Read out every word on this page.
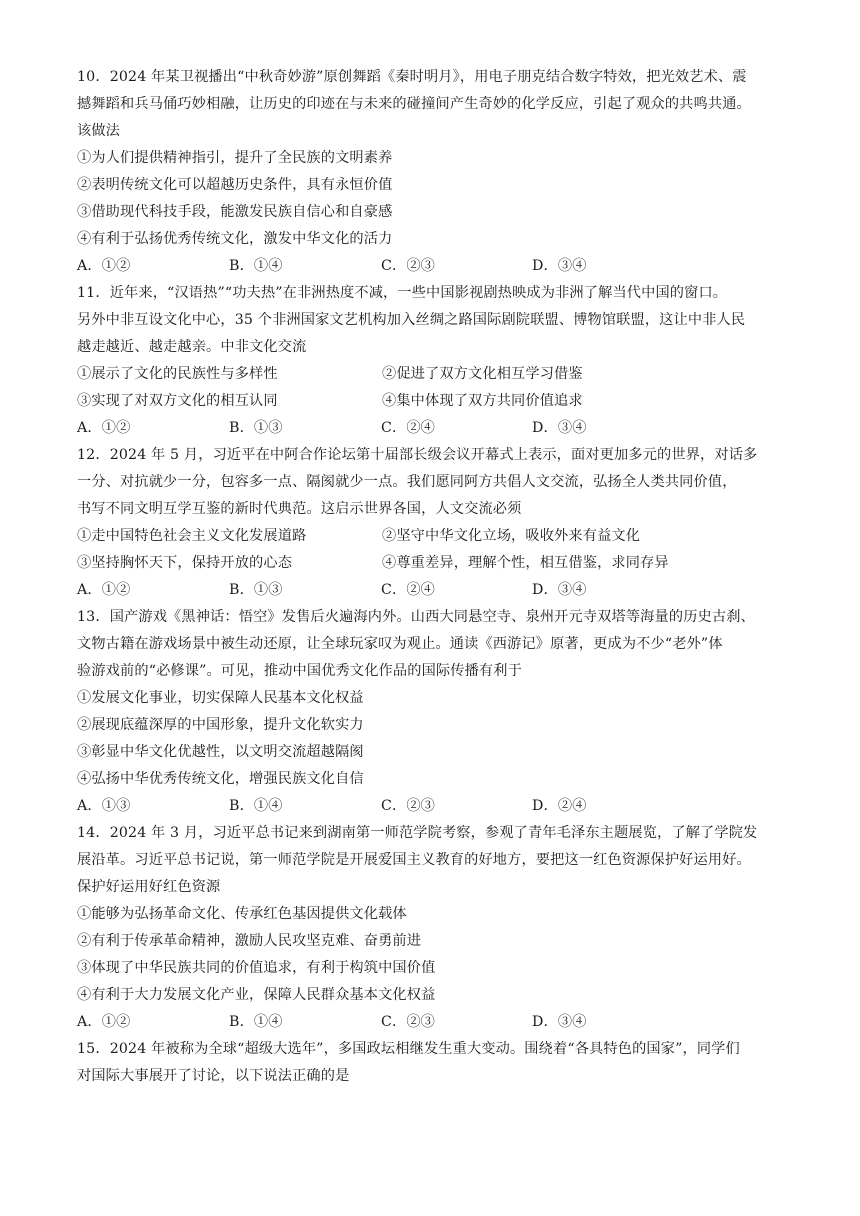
10．2024 年某卫视播出“中秋奇妙游”原创舞蹈《秦时明月》，用电子朋克结合数字特效，把光效艺术、震
撼舞蹈和兵马俑巧妙相融，让历史的印迹在与未来的碰撞间产生奇妙的化学反应，引起了观众的共鸣共通。
该做法
①为人们提供精神指引，提升了全民族的文明素养
②表明传统文化可以超越历史条件，具有永恒价值
③借助现代科技手段，能激发民族自信心和自豪感
④有利于弘扬优秀传统文化，激发中华文化的活力
A．①②	B．①④	C．②③	D．③④
11．近年来，“汉语热”“功夫热”在非洲热度不减，一些中国影视剧热映成为非洲了解当代中国的窗口。
另外中非互设文化中心，35 个非洲国家文艺机构加入丝绸之路国际剧院联盟、博物馆联盟，这让中非人民
越走越近、越走越亲。中非文化交流
①展示了文化的民族性与多样性	②促进了双方文化相互学习借鉴
③实现了对双方文化的相互认同	④集中体现了双方共同价值追求
A．①②	B．①③	C．②④	D．③④
12．2024 年 5 月，习近平在中阿合作论坛第十届部长级会议开幕式上表示，面对更加多元的世界，对话多
一分、对抗就少一分，包容多一点、隔阂就少一点。我们愿同阿方共倡人文交流，弘扬全人类共同价值，
书写不同文明互学互鉴的新时代典范。这启示世界各国，人文交流必须
①走中国特色社会主义文化发展道路	②坚守中华文化立场，吸收外来有益文化
③坚持胸怀天下，保持开放的心态	④尊重差异，理解个性，相互借鉴，求同存异
A．①②	B．①③	C．②④	D．③④
13．国产游戏《黑神话：悟空》发售后火遍海内外。山西大同悬空寺、泉州开元寺双塔等海量的历史古刹、
文物古籍在游戏场景中被生动还原，让全球玩家叹为观止。通读《西游记》原著，更成为不少“老外”体
验游戏前的“必修课”。可见，推动中国优秀文化作品的国际传播有利于
①发展文化事业，切实保障人民基本文化权益
②展现底蕴深厚的中国形象，提升文化软实力
③彰显中华文化优越性，以文明交流超越隔阂
④弘扬中华优秀传统文化，增强民族文化自信
A．①③	B．①④	C．②③	D．②④
14．2024 年 3 月，习近平总书记来到湖南第一师范学院考察，参观了青年毛泽东主题展览，了解了学院发
展沿革。习近平总书记说，第一师范学院是开展爱国主义教育的好地方，要把这一红色资源保护好运用好。
保护好运用好红色资源
①能够为弘扬革命文化、传承红色基因提供文化载体
②有利于传承革命精神，激励人民攻坚克难、奋勇前进
③体现了中华民族共同的价值追求，有利于构筑中国价值
④有利于大力发展文化产业，保障人民群众基本文化权益
A．①②	B．①④	C．②③	D．③④
15．2024 年被称为全球“超级大选年”，多国政坛相继发生重大变动。围绕着“各具特色的国家”，同学们
对国际大事展开了讨论，以下说法正确的是
